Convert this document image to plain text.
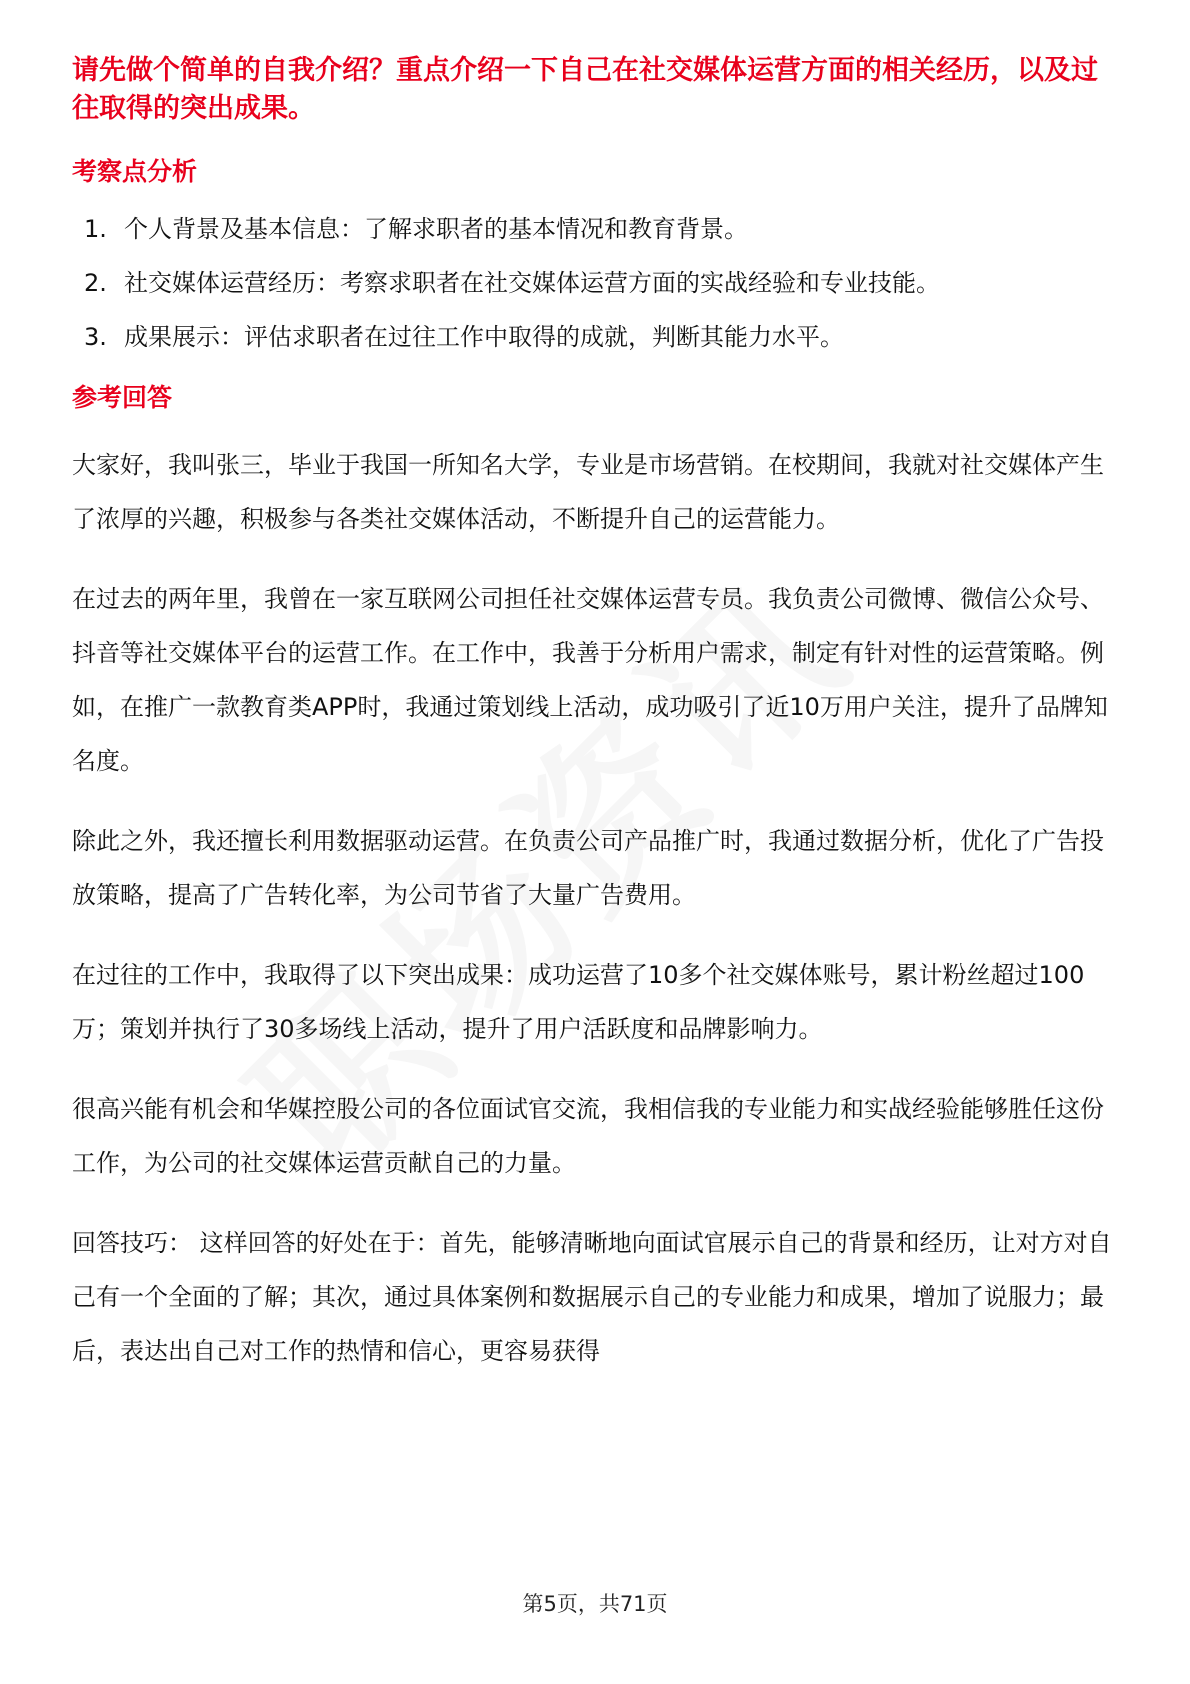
请先做个简单的自我介绍？重点介绍一下自己在社交媒体运营方面的相关经历，以及过往取得的突出成果。

考察点分析

1. 个人背景及基本信息：了解求职者的基本情况和教育背景。
2. 社交媒体运营经历：考察求职者在社交媒体运营方面的实战经验和专业技能。
3. 成果展示：评估求职者在过往工作中取得的成就，判断其能力水平。

参考回答

大家好，我叫张三，毕业于我国一所知名大学，专业是市场营销。在校期间，我就对社交媒体产生了浓厚的兴趣，积极参与各类社交媒体活动，不断提升自己的运营能力。

在过去的两年里，我曾在一家互联网公司担任社交媒体运营专员。我负责公司微博、微信公众号、抖音等社交媒体平台的运营工作。在工作中，我善于分析用户需求，制定有针对性的运营策略。例如，在推广一款教育类APP时，我通过策划线上活动，成功吸引了近10万用户关注，提升了品牌知名度。

除此之外，我还擅长利用数据驱动运营。在负责公司产品推广时，我通过数据分析，优化了广告投放策略，提高了广告转化率，为公司节省了大量广告费用。

在过往的工作中，我取得了以下突出成果：成功运营了10多个社交媒体账号，累计粉丝超过100万；策划并执行了30多场线上活动，提升了用户活跃度和品牌影响力。

很高兴能有机会和华媒控股公司的各位面试官交流，我相信我的专业能力和实战经验能够胜任这份工作，为公司的社交媒体运营贡献自己的力量。

回答技巧： 这样回答的好处在于：首先，能够清晰地向面试官展示自己的背景和经历，让对方对自己有一个全面的了解；其次，通过具体案例和数据展示自己的专业能力和成果，增加了说服力；最后，表达出自己对工作的热情和信心，更容易获得

第5页，共71页
